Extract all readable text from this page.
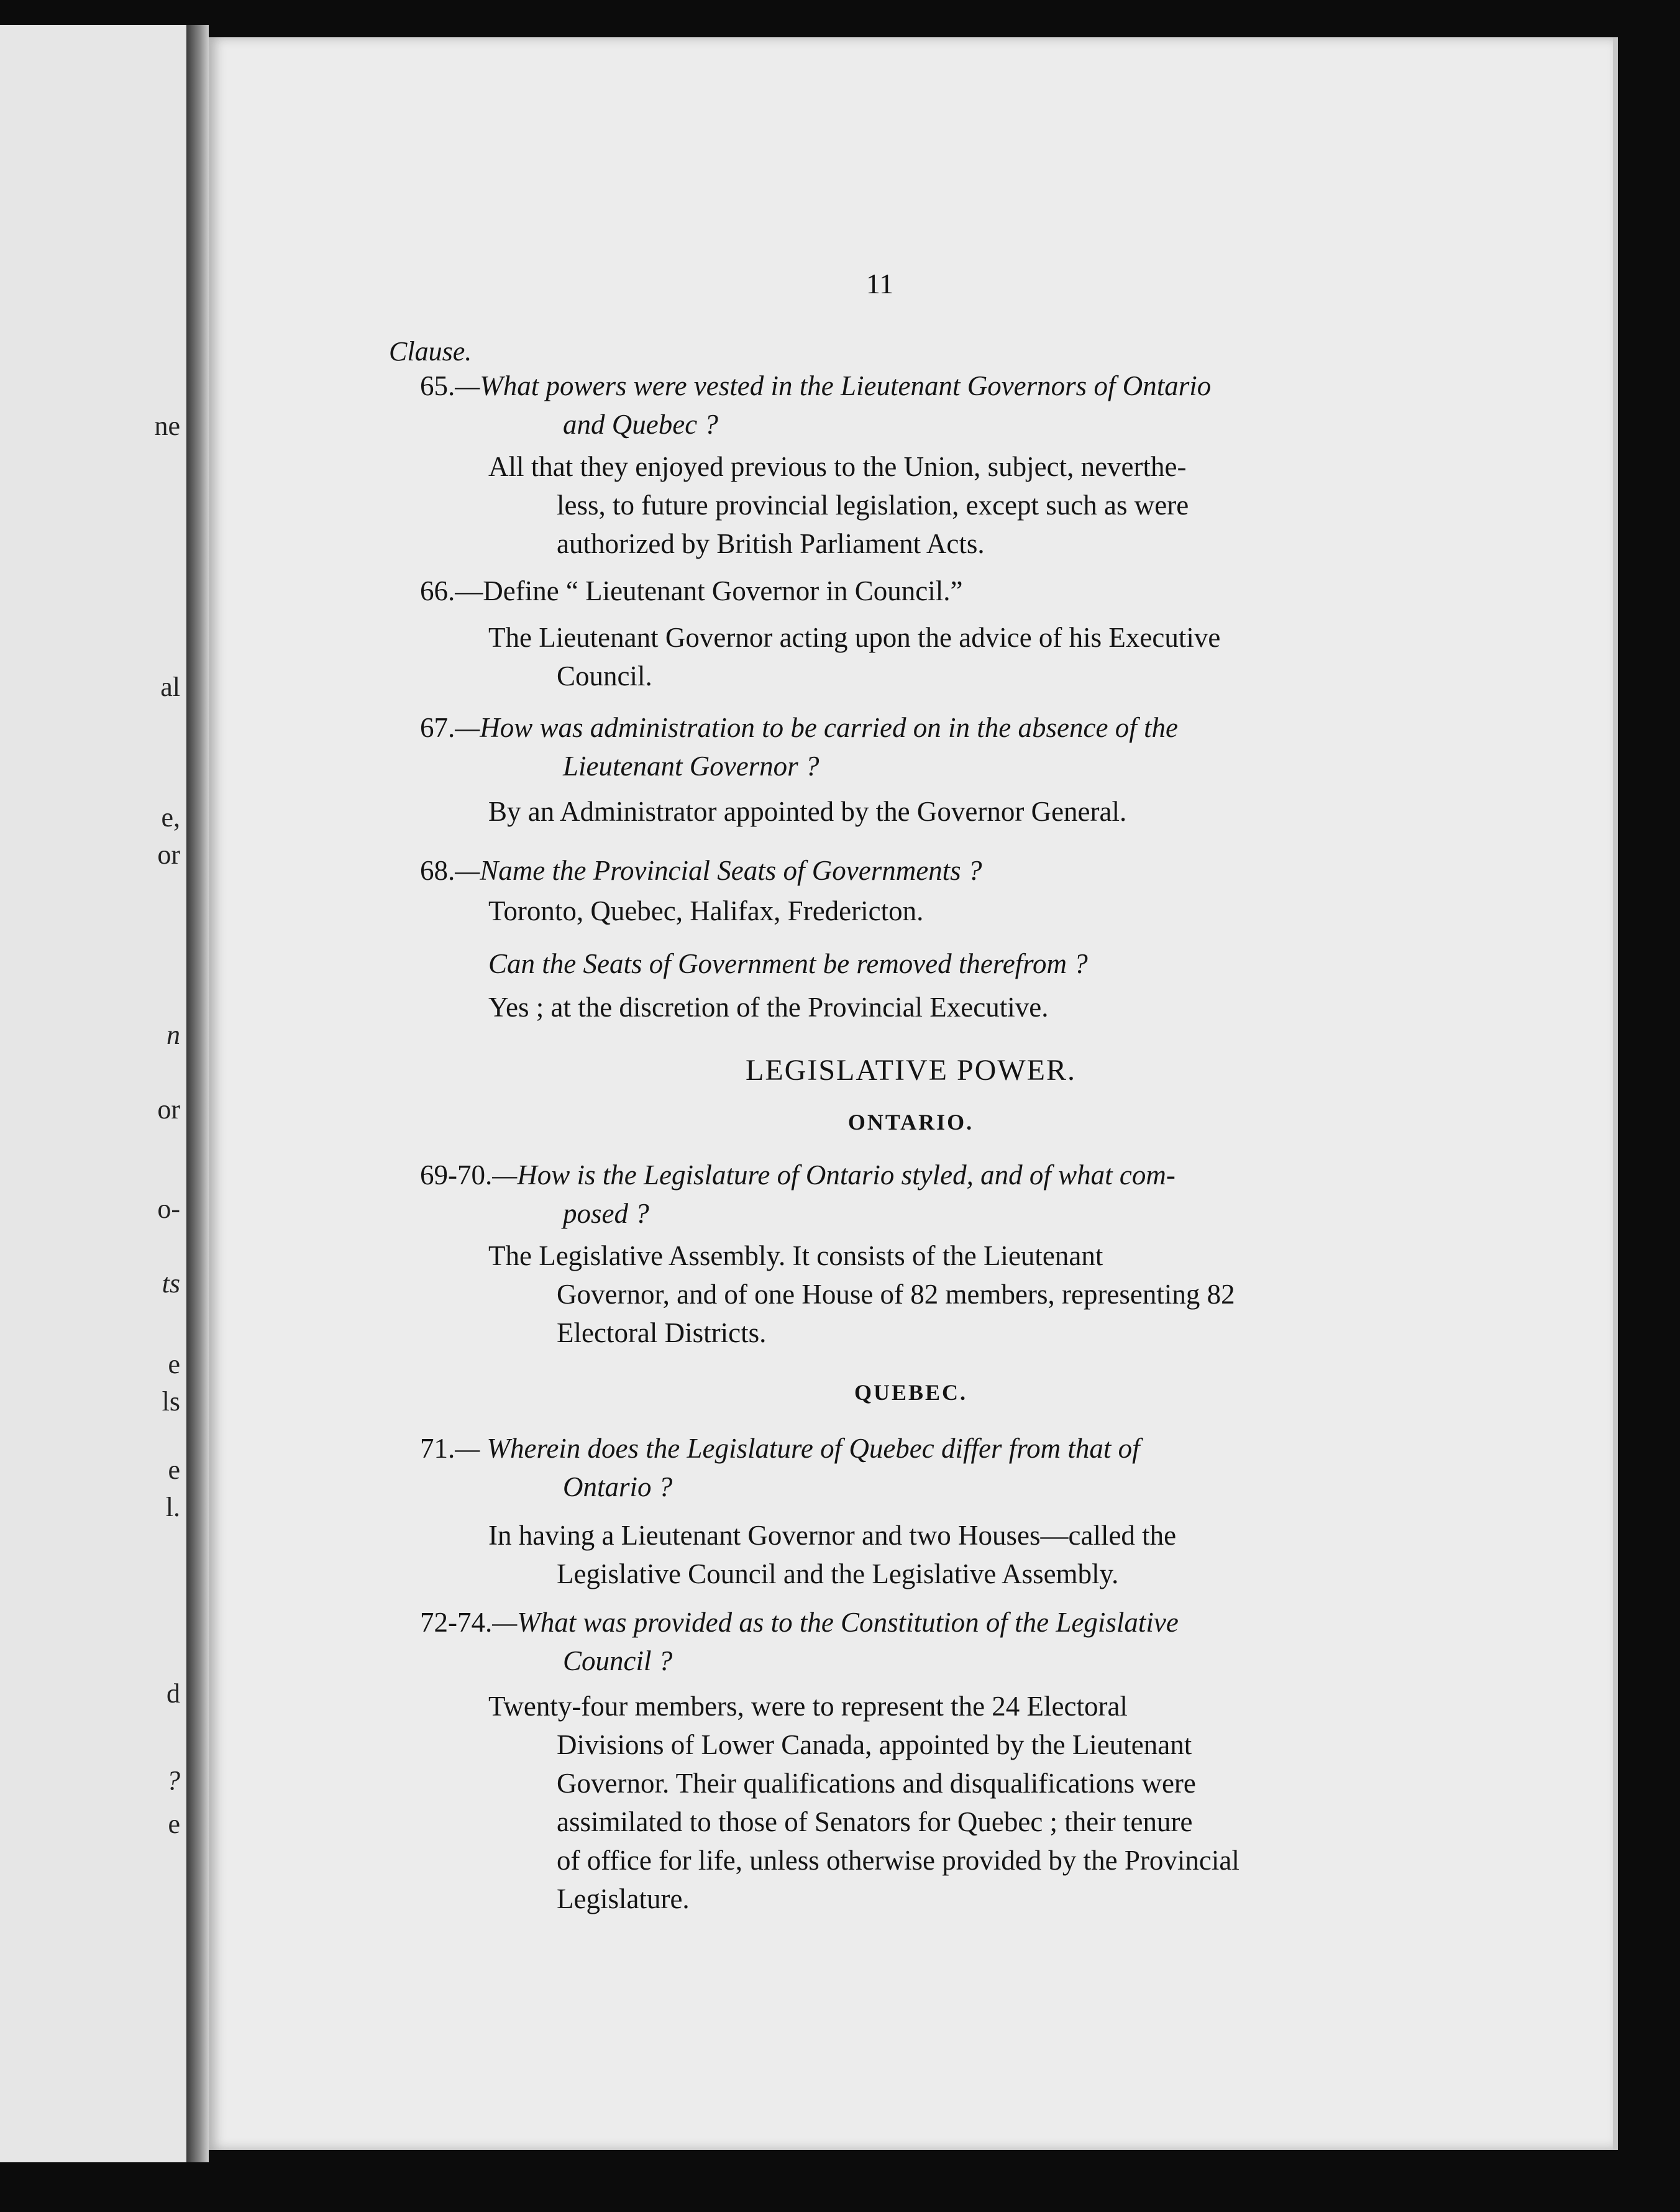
ne
al
e,
or
n
or
o-
ts
e
ls
e
l.
d
?
e
11
Clause.
65.—What powers were vested in the Lieutenant Governors of Ontario
and Quebec ?
All that they enjoyed previous to the Union, subject, neverthe-
less, to future provincial legislation, except such as were
authorized by British Parliament Acts.
66.—Define “ Lieutenant Governor in Council.”
The Lieutenant Governor acting upon the advice of his Executive
Council.
67.—How was administration to be carried on in the absence of the
Lieutenant Governor ?
By an Administrator appointed by the Governor General.
68.—Name the Provincial Seats of Governments ?
Toronto, Quebec, Halifax, Fredericton.
Can the Seats of Government be removed therefrom ?
Yes ; at the discretion of the Provincial Executive.
LEGISLATIVE POWER.
ONTARIO.
69-70.—How is the Legislature of Ontario styled, and of what com-
posed ?
The Legislative Assembly. It consists of the Lieutenant
Governor, and of one House of 82 members, representing 82
Electoral Districts.
QUEBEC.
71.— Wherein does the Legislature of Quebec differ from that of
Ontario ?
In having a Lieutenant Governor and two Houses—called the
Legislative Council and the Legislative Assembly.
72-74.—What was provided as to the Constitution of the Legislative
Council ?
Twenty-four members, were to represent the 24 Electoral
Divisions of Lower Canada, appointed by the Lieutenant
Governor. Their qualifications and disqualifications were
assimilated to those of Senators for Quebec ; their tenure
of office for life, unless otherwise provided by the Provincial
Legislature.
